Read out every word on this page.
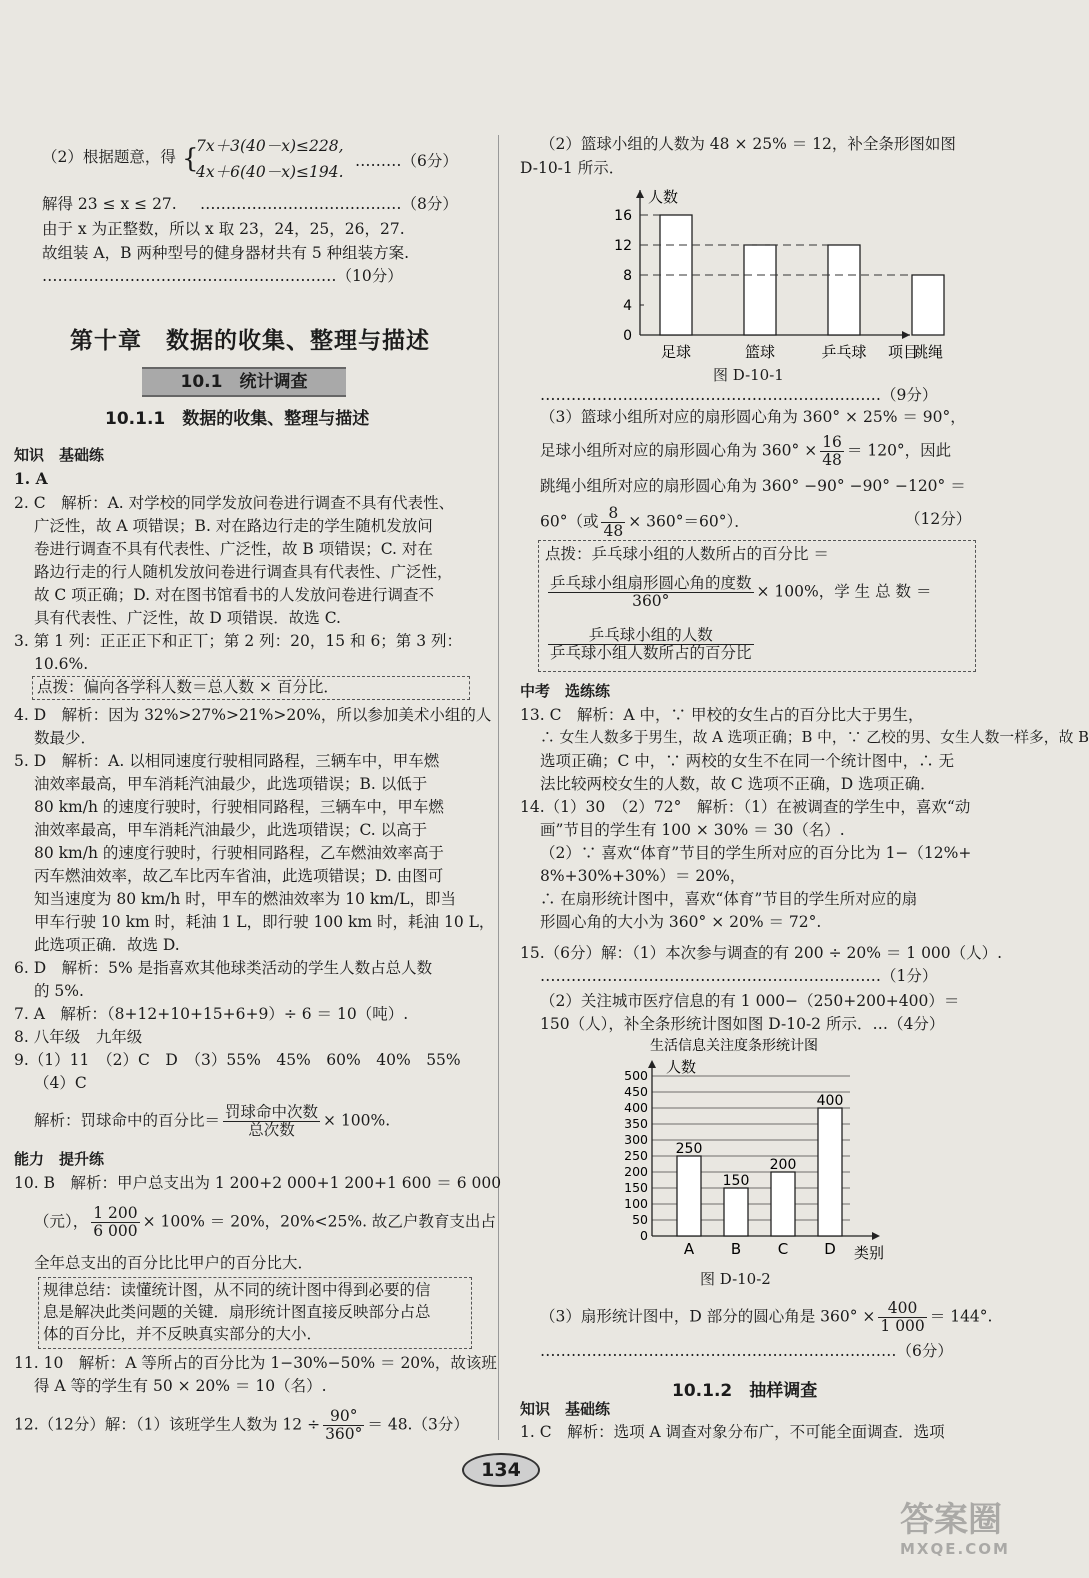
（2）根据题意，得 {
7x＋3(40－x)≤228,
4x＋6(40－x)≤194.
………（6分）
解得 23 ≤ x ≤ 27. …………………………………（8分）
由于 x 为正整数，所以 x 取 23，24，25，26，27.
故组装 A，B 两种型号的健身器材共有 5 种组装方案.
…………………………………………………（10分）
第十章　数据的收集、整理与描述
10.1　统计调查
10.1.1　数据的收集、整理与描述
知识　基础练
1. A
2. C　解析：A. 对学校的同学发放问卷进行调查不具有代表性、
广泛性，故 A 项错误；B. 对在路边行走的学生随机发放问
卷进行调查不具有代表性、广泛性，故 B 项错误；C. 对在
路边行走的行人随机发放问卷进行调查具有代表性、广泛性，
故 C 项正确；D. 对在图书馆看书的人发放问卷进行调查不
具有代表性、广泛性，故 D 项错误．故选 C.
3. 第 1 列：正正正下和正丅；第 2 列：20，15 和 6；第 3 列：
10.6%.
点拨：偏向各学科人数＝总人数 × 百分比．
4. D　解析：因为 32%>27%>21%>20%，所以参加美术小组的人
数最少．
5. D　解析：A. 以相同速度行驶相同路程，三辆车中，甲车燃
油效率最高，甲车消耗汽油最少，此选项错误；B. 以低于
80 km/h 的速度行驶时，行驶相同路程，三辆车中，甲车燃
油效率最高，甲车消耗汽油最少，此选项错误；C. 以高于
80 km/h 的速度行驶时，行驶相同路程，乙车燃油效率高于
丙车燃油效率，故乙车比丙车省油，此选项错误；D. 由图可
知当速度为 80 km/h 时，甲车的燃油效率为 10 km/L，即当
甲车行驶 10 km 时，耗油 1 L，即行驶 100 km 时，耗油 10 L，
此选项正确．故选 D.
6. D　解析：5% 是指喜欢其他球类活动的学生人数占总人数
的 5%.
7. A　解析：（8+12+10+15+6+9）÷ 6 ＝ 10（吨）.
8. 八年级　九年级
9.（1）11　（2）C　D　（3）55%　45%　60%　40%　55%
（4）C
解析：罚球命中的百分比＝ $\frac{\text{罚球命中次数}}{\text{总次数}} \times 100\%$.
能力　提升练
10. B　解析：甲户总支出为 1 200+2 000+1 200+1 600 ＝ 6 000
（元）， $\frac{1 200}{6 000} \times 100\% = 20\%$，20%<25%. 故乙户教育支出占
全年总支出的百分比比甲户的百分比大．
规律总结：读懂统计图，从不同的统计图中得到必要的信
息是解决此类问题的关键．扇形统计图直接反映部分占总
体的百分比，并不反映真实部分的大小．
11. 10　解析：A 等所占的百分比为 1−30%−50% ＝ 20%，故该班
得 A 等的学生有 50 × 20% ＝ 10（名）.
12.（12分）解：（1）该班学生人数为 $12 \div \frac{90^\circ}{360^\circ} = 48.(3$分）
（2）篮球小组的人数为 48 × 25% ＝ 12，补全条形图如图
D-10-1 所示．
人数
项目
0
4
8
12
16
足球	篮球	乒乓球	跳绳
图 D-10-1
…………………………………………………………（9分）
（3）篮球小组所对应的扇形圆心角为 360° × 25% ＝ 90°，
足球小组所对应的扇形圆心角为 $360^\circ \times \frac{16}{48} = 120^\circ$，因此
跳绳小组所对应的扇形圆心角为 360° −90° −90° −120° ＝
60°（或 $\frac{8}{48} \times 360^\circ=60^\circ$）．	（12分）
点拨：乒乓球小组的人数所占的百分比 ＝
$\frac{\text{乒乓球小组扇形圆心角的度数}}{360^\circ} \times 100\%$，学 生 总 数 ＝
$\frac{\text{乒乓球小组的人数}}{\text{乒乓球小组人数所占的百分比}}$
中考　选练练
13. C　解析：A 中，∵ 甲校的女生占的百分比大于男生，
∴ 女生人数多于男生，故 A 选项正确；B 中，∵ 乙校的男、女生人数一样多，故 B
选项正确；C 中，∵ 两校的女生不在同一个统计图中，∴ 无
法比较两校女生的人数，故 C 选项不正确，D 选项正确．
14.（1）30　（2）72°　解析：（1）在被调查的学生中，喜欢“动
画”节目的学生有 100 × 30% ＝ 30（名）.
（2）∵ 喜欢“体育”节目的学生所对应的百分比为 1−（12%+
8%+30%+30%）＝ 20%，
∴ 在扇形统计图中，喜欢“体育”节目的学生所对应的扇
形圆心角的大小为 360° × 20% ＝ 72°.
15.（6分）解：（1）本次参与调查的有 200 ÷ 20% ＝ 1 000（人）.
…………………………………………………………（1分）
（2）关注城市医疗信息的有 1 000−（250+200+400）＝
150（人），补全条形统计图如图 D-10-2 所示．…（4分）
生活信息关注度条形统计图
人数
0
50
100
150
200
250
300
350
400
450
500
类别
250
A
150
B
200
C
400
D
图 D-10-2
（3）扇形统计图中，D 部分的圆心角是 $360^\circ \times \frac{400}{1 000} = 144^\circ$.
……………………………………………………………（6分）
10.1.2　抽样调查
知识　基础练
1. C　解析：选项 A 调查对象分布广，不可能全面调查．选项
134
答案圈
MXQE.COM
